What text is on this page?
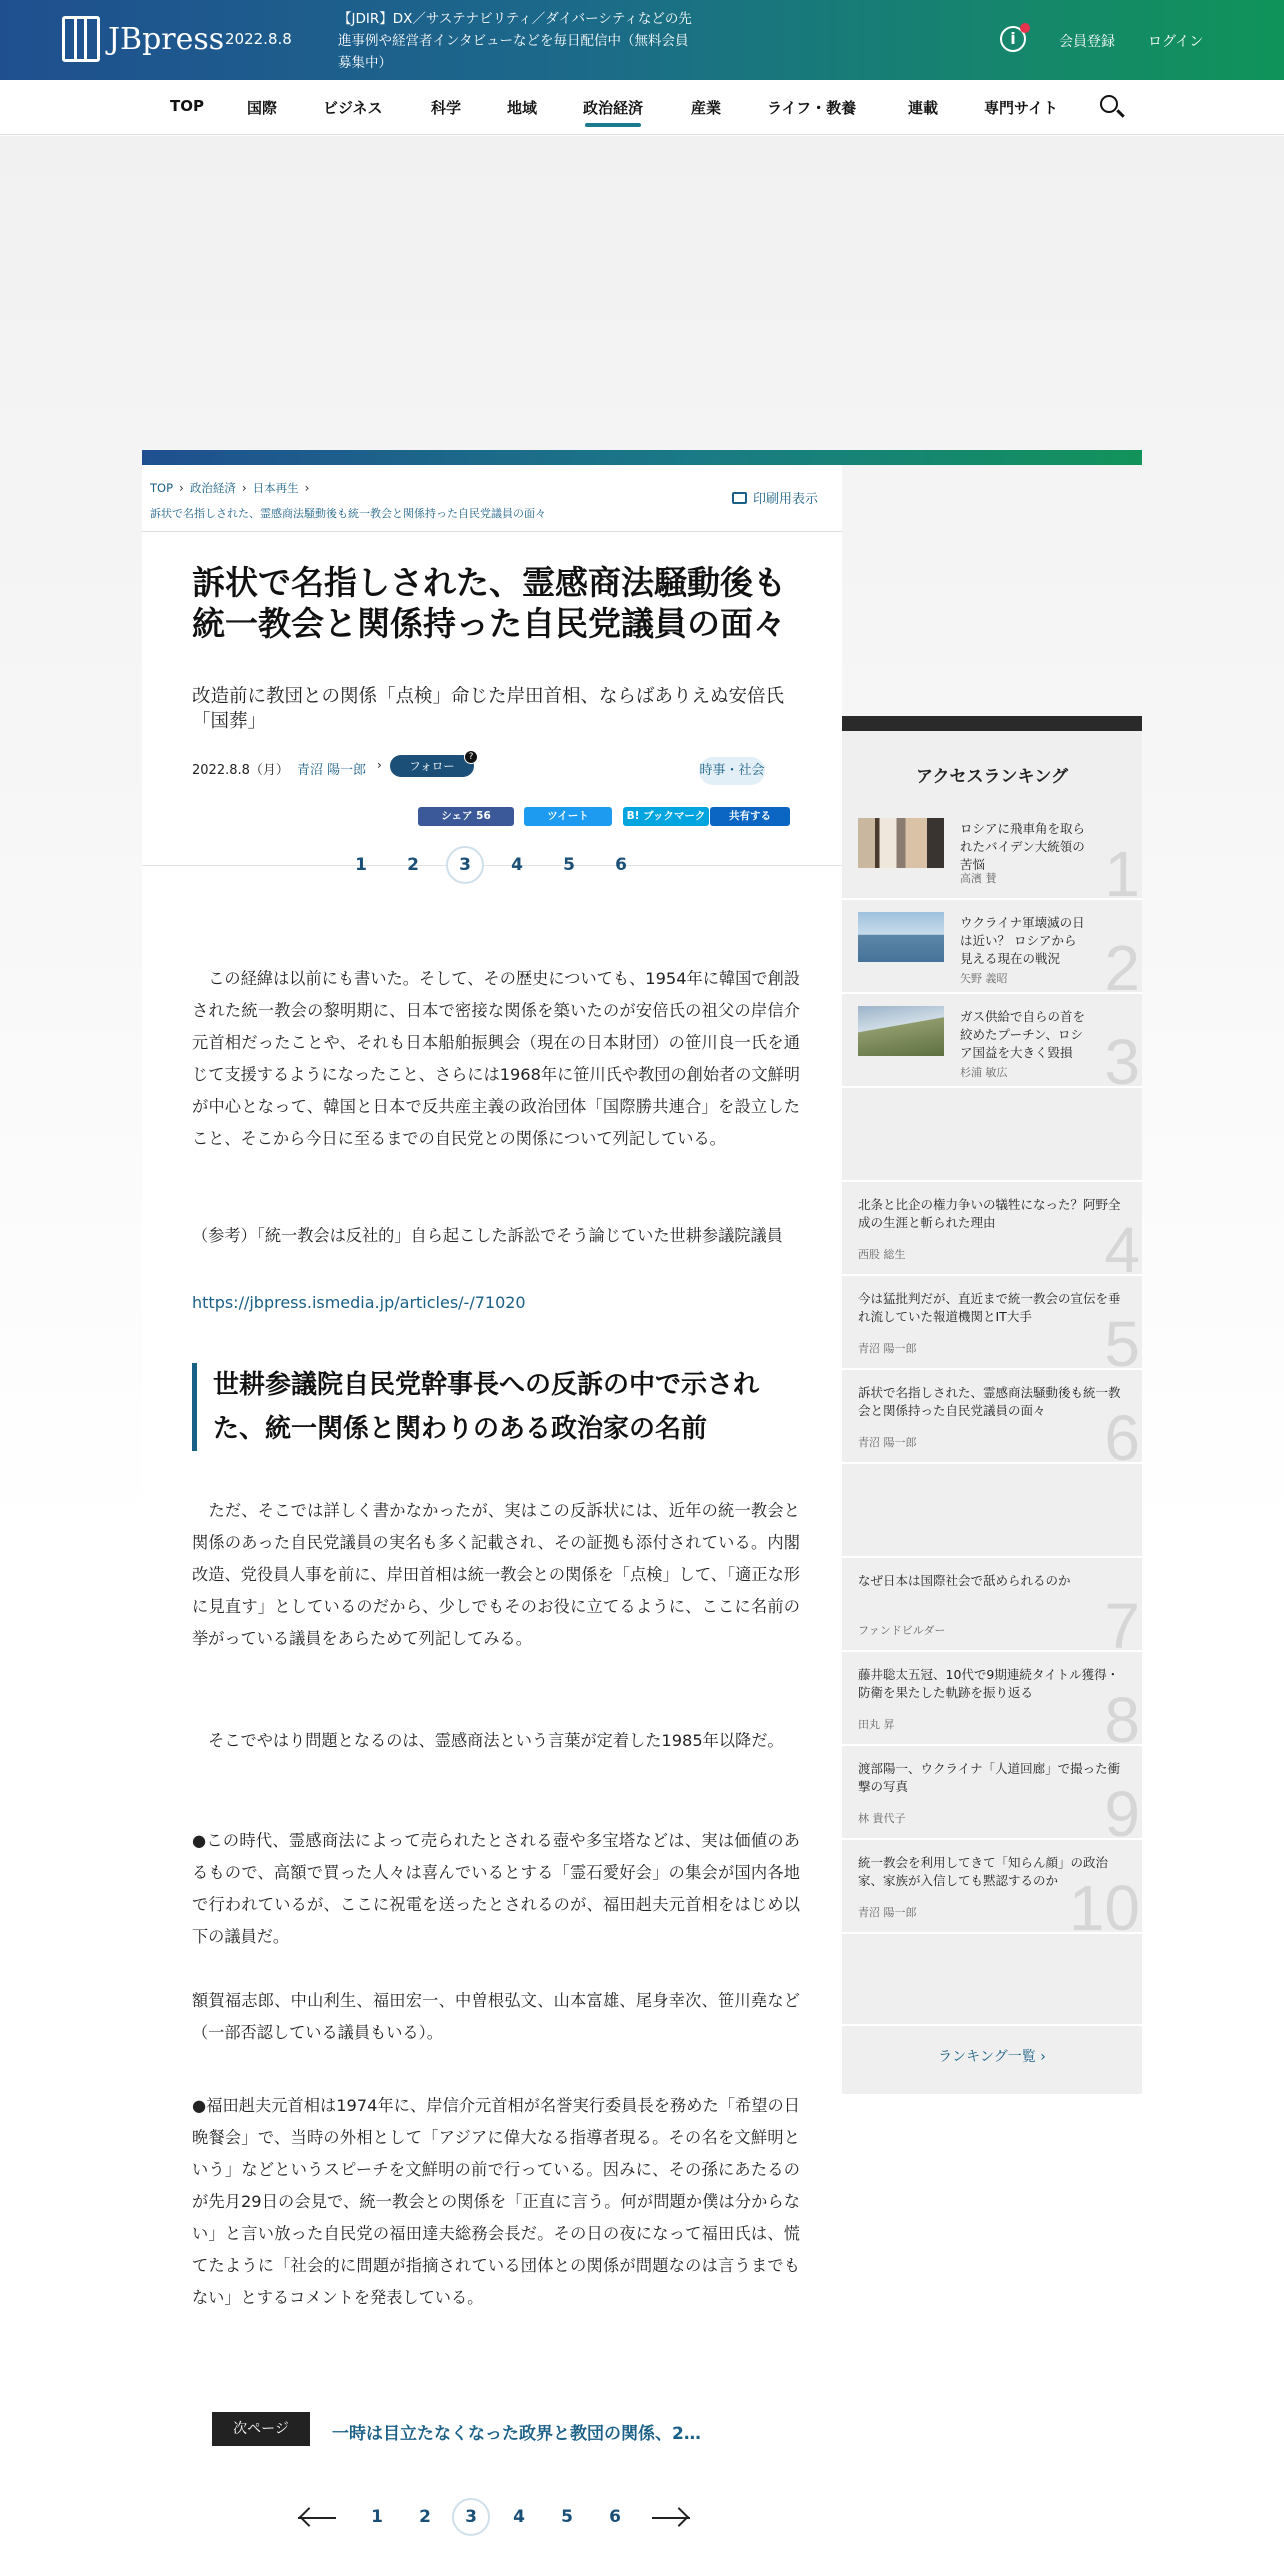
JBpress 2022.8.8
【JDIR】DX／サステナビリティ／ダイバーシティなどの先進事例や経営者インタビューなどを毎日配信中（無料会員募集中）
i	会員登録 ログイン
TOP	国際	ビジネス	科学	地域	政治経済	産業	ライフ・教養	連載	専門サイト
TOP › 政治経済 › 日本再生 ›
訴状で名指しされた、霊感商法騒動後も統一教会と関係持った自民党議員の面々
印刷用表示
訴状で名指しされた、霊感商法騒動後も統一教会と関係持った自民党議員の面々
改造前に教団との関係「点検」命じた岸田首相、ならばありえぬ安倍氏「国葬」
2022.8.8（月） 青沼 陽一郎 ›	フォロー
?
時事・社会
シェア 56	ツイート	B! ブックマーク	共有する
1	2	3	4	5	6

　この経緯は以前にも書いた。そして、その歴史についても、1954年に韓国で創設された統一教会の黎明期に、日本で密接な関係を築いたのが安倍氏の祖父の岸信介元首相だったことや、それも日本船舶振興会（現在の日本財団）の笹川良一氏を通じて支援するようになったこと、さらには1968年に笹川氏や教団の創始者の文鮮明が中心となって、韓国と日本で反共産主義の政治団体「国際勝共連合」を設立したこと、そこから今日に至るまでの自民党との関係について列記している。

（参考）「統一教会は反社的」自ら起こした訴訟でそう論じていた世耕参議院議員

https://jbpress.ismedia.jp/articles/-/71020
世耕参議院自民党幹事長への反訴の中で示された、統一関係と関わりのある政治家の名前

　ただ、そこでは詳しく書かなかったが、実はこの反訴状には、近年の統一教会と関係のあった自民党議員の実名も多く記載され、その証拠も添付されている。内閣改造、党役員人事を前に、岸田首相は統一教会との関係を「点検」して、「適正な形に見直す」としているのだから、少しでもそのお役に立てるように、ここに名前の挙がっている議員をあらためて列記してみる。

　そこでやはり問題となるのは、霊感商法という言葉が定着した1985年以降だ。

●この時代、霊感商法によって売られたとされる壺や多宝塔などは、実は価値のあるもので、高額で買った人々は喜んでいるとする「霊石愛好会」の集会が国内各地で行われているが、ここに祝電を送ったとされるのが、福田赳夫元首相をはじめ以下の議員だ。

額賀福志郎、中山利生、福田宏一、中曽根弘文、山本富雄、尾身幸次、笹川堯など（一部否認している議員もいる）。

●福田赳夫元首相は1974年に、岸信介元首相が名誉実行委員長を務めた「希望の日晩餐会」で、当時の外相として「アジアに偉大なる指導者現る。その名を文鮮明という」などというスピーチを文鮮明の前で行っている。因みに、その孫にあたるのが先月29日の会見で、統一教会との関係を「正直に言う。何が問題か僕は分からない」と言い放った自民党の福田達夫総務会長だ。その日の夜になって福田氏は、慌てたように「社会的に問題が指摘されている団体との関係が問題なのは言うまでもない」とするコメントを発表している。

次ページ	一時は目立たなくなった政界と教団の関係、2…
1	2	3	4	5	6
アクセスランキング
ロシアに飛車角を取られたバイデン大統領の苦悩
高濱 賛 1
ウクライナ軍壊滅の日は近い？ ロシアから見える現在の戦況
矢野 義昭 2
ガス供給で自らの首を絞めたプーチン、ロシア国益を大きく毀損
杉浦 敏広 3
北条と比企の権力争いの犠牲になった？阿野全成の生涯と斬られた理由
西股 総生	4
今は猛批判だが、直近まで統一教会の宣伝を垂れ流していた報道機関とIT大手
青沼 陽一郎	5
訴状で名指しされた、霊感商法騒動後も統一教会と関係持った自民党議員の面々
青沼 陽一郎	6
なぜ日本は国際社会で舐められるのか
ファンドビルダー 7
藤井聡太五冠、10代で9期連続タイトル獲得・防衛を果たした軌跡を振り返る
田丸 昇	8
渡部陽一、ウクライナ「人道回廊」で撮った衝撃の写真
林 貴代子	9
統一教会を利用してきて「知らん顔」の政治家、家族が入信しても黙認するのか
青沼 陽一郎 10
ランキング一覧 ›
